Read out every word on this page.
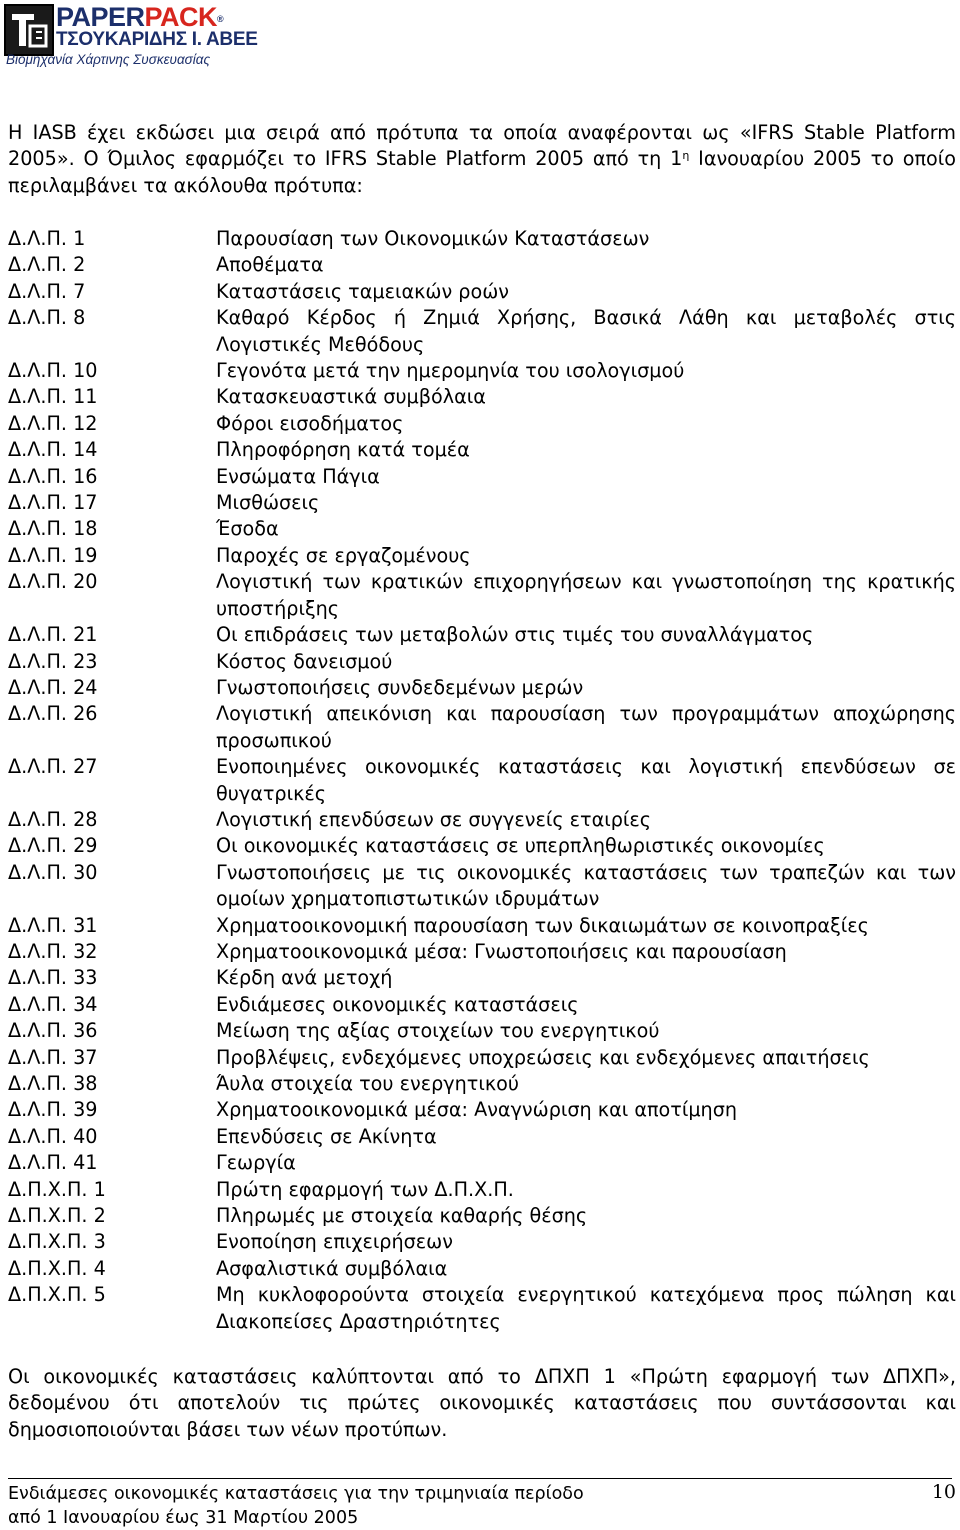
PAPERPACK®
ΤΣΟΥΚΑΡΙΔΗΣ Ι. ΑΒΕΕ
Βιομηχανία Χάρτινης Συσκευασίας
Η IASB έχει εκδώσει μια σειρά από πρότυπα τα οποία αναφέρονται ως «IFRS Stable Platform
2005». Ο Όμιλος εφαρμόζει το IFRS Stable Platform 2005 από τη $1^\eta$ Ιανουαρίου 2005 το οποίο
περιλαμβάνει τα ακόλουθα πρότυπα:
Δ.Λ.Π. 1	Παρουσίαση των Οικονομικών Καταστάσεων
Δ.Λ.Π. 2	Αποθέματα
Δ.Λ.Π. 7	Καταστάσεις ταμειακών ροών
Δ.Λ.Π. 8	Καθαρό Κέρδος ή Ζημιά Χρήσης, Βασικά Λάθη και μεταβολές στις
Λογιστικές Μεθόδους
Δ.Λ.Π. 10	Γεγονότα μετά την ημερομηνία του ισολογισμού
Δ.Λ.Π. 11	Κατασκευαστικά συμβόλαια
Δ.Λ.Π. 12	Φόροι εισοδήματος
Δ.Λ.Π. 14	Πληροφόρηση κατά τομέα
Δ.Λ.Π. 16	Ενσώματα Πάγια
Δ.Λ.Π. 17	Μισθώσεις
Δ.Λ.Π. 18	Έσοδα
Δ.Λ.Π. 19	Παροχές σε εργαζομένους
Δ.Λ.Π. 20	Λογιστική των κρατικών επιχορηγήσεων και γνωστοποίηση της κρατικής
υποστήριξης
Δ.Λ.Π. 21	Οι επιδράσεις των μεταβολών στις τιμές του συναλλάγματος
Δ.Λ.Π. 23	Κόστος δανεισμού
Δ.Λ.Π. 24	Γνωστοποιήσεις συνδεδεμένων μερών
Δ.Λ.Π. 26	Λογιστική απεικόνιση και παρουσίαση των προγραμμάτων αποχώρησης
προσωπικού
Δ.Λ.Π. 27	Ενοποιημένες οικονομικές καταστάσεις και λογιστική επενδύσεων σε
θυγατρικές
Δ.Λ.Π. 28	Λογιστική επενδύσεων σε συγγενείς εταιρίες
Δ.Λ.Π. 29	Οι οικονομικές καταστάσεις σε υπερπληθωριστικές οικονομίες
Δ.Λ.Π. 30	Γνωστοποιήσεις με τις οικονομικές καταστάσεις των τραπεζών και των
ομοίων χρηματοπιστωτικών ιδρυμάτων
Δ.Λ.Π. 31	Χρηματοοικονομική παρουσίαση των δικαιωμάτων σε κοινοπραξίες
Δ.Λ.Π. 32	Χρηματοοικονομικά μέσα: Γνωστοποιήσεις και παρουσίαση
Δ.Λ.Π. 33	Κέρδη ανά μετοχή
Δ.Λ.Π. 34	Ενδιάμεσες οικονομικές καταστάσεις
Δ.Λ.Π. 36	Μείωση της αξίας στοιχείων του ενεργητικού
Δ.Λ.Π. 37	Προβλέψεις, ενδεχόμενες υποχρεώσεις και ενδεχόμενες απαιτήσεις
Δ.Λ.Π. 38	Άυλα στοιχεία του ενεργητικού
Δ.Λ.Π. 39	Χρηματοοικονομικά μέσα: Αναγνώριση και αποτίμηση
Δ.Λ.Π. 40	Επενδύσεις σε Ακίνητα
Δ.Λ.Π. 41	Γεωργία
Δ.Π.Χ.Π. 1	Πρώτη εφαρμογή των Δ.Π.Χ.Π.
Δ.Π.Χ.Π. 2	Πληρωμές με στοιχεία καθαρής θέσης
Δ.Π.Χ.Π. 3	Ενοποίηση επιχειρήσεων
Δ.Π.Χ.Π. 4	Ασφαλιστικά συμβόλαια
Δ.Π.Χ.Π. 5	Μη κυκλοφορούντα στοιχεία ενεργητικού κατεχόμενα προς πώληση και
Διακοπείσες Δραστηριότητες
Οι οικονομικές καταστάσεις καλύπτονται από το ΔΠΧΠ 1 «Πρώτη εφαρμογή των ΔΠΧΠ»,
δεδομένου ότι αποτελούν τις πρώτες οικονομικές καταστάσεις που συντάσσονται και
δημοσιοποιούνται βάσει των νέων προτύπων.
Ενδιάμεσες οικονομικές καταστάσεις για την τριμηνιαία περίοδο
από 1 Ιανουαρίου έως 31 Μαρτίου 2005
10
